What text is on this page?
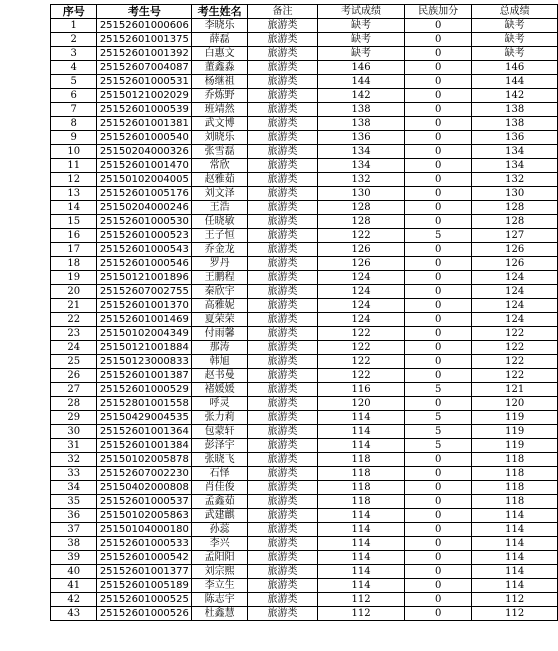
序号	考生号	考生姓名	备注	考试成绩	民族加分	总成绩
1	25152601000606	李晓乐	旅游类	缺考	0	缺考
2	25152601001375	薛磊	旅游类	缺考	0	缺考
3	25152601001392	白惠文	旅游类	缺考	0	缺考
4	25152607004087	董鑫淼	旅游类	146	0	146
5	25152601000531	杨继祖	旅游类	144	0	144
6	25150121002029	乔炼野	旅游类	142	0	142
7	25152601000539	班靖然	旅游类	138	0	138
8	25152601001381	武文博	旅游类	138	0	138
9	25152601000540	刘晓乐	旅游类	136	0	136
10	25150204000326	张雪磊	旅游类	134	0	134
11	25152601001470	常欣	旅游类	134	0	134
12	25150102004005	赵雅茹	旅游类	132	0	132
13	25152601005176	刘文泽	旅游类	130	0	130
14	25150204000246	王浩	旅游类	128	0	128
15	25152601000530	任晓敏	旅游类	128	0	128
16	25152601000523	王子恒	旅游类	122	5	127
17	25152601000543	乔金龙	旅游类	126	0	126
18	25152601000546	罗丹	旅游类	126	0	126
19	25150121001896	王鹏程	旅游类	124	0	124
20	25152607002755	秦欣宇	旅游类	124	0	124
21	25152601001370	高雅妮	旅游类	124	0	124
22	25152601001469	夏荣荣	旅游类	124	0	124
23	25150102004349	付雨馨	旅游类	122	0	122
24	25150121001884	那涛	旅游类	122	0	122
25	25150123000833	韩旭	旅游类	122	0	122
26	25152601001387	赵书曼	旅游类	122	0	122
27	25152601000529	褚媛媛	旅游类	116	5	121
28	25152801001558	呼灵	旅游类	120	0	120
29	25150429004535	张力莉	旅游类	114	5	119
30	25152601001364	包蒙轩	旅游类	114	5	119
31	25152601001384	彭泽宇	旅游类	114	5	119
32	25150102005878	张晓飞	旅游类	118	0	118
33	25152607002230	石怿	旅游类	118	0	118
34	25150402000808	肖佳俊	旅游类	118	0	118
35	25152601000537	孟鑫茹	旅游类	118	0	118
36	25150102005863	武建麒	旅游类	114	0	114
37	25150104000180	孙蕊	旅游类	114	0	114
38	25152601000533	李兴	旅游类	114	0	114
39	25152601000542	孟阳阳	旅游类	114	0	114
40	25152601001377	刘宗熙	旅游类	114	0	114
41	25152601005189	李立生	旅游类	114	0	114
42	25152601000525	陈志宇	旅游类	112	0	112
43	25152601000526	杜鑫慧	旅游类	112	0	112
